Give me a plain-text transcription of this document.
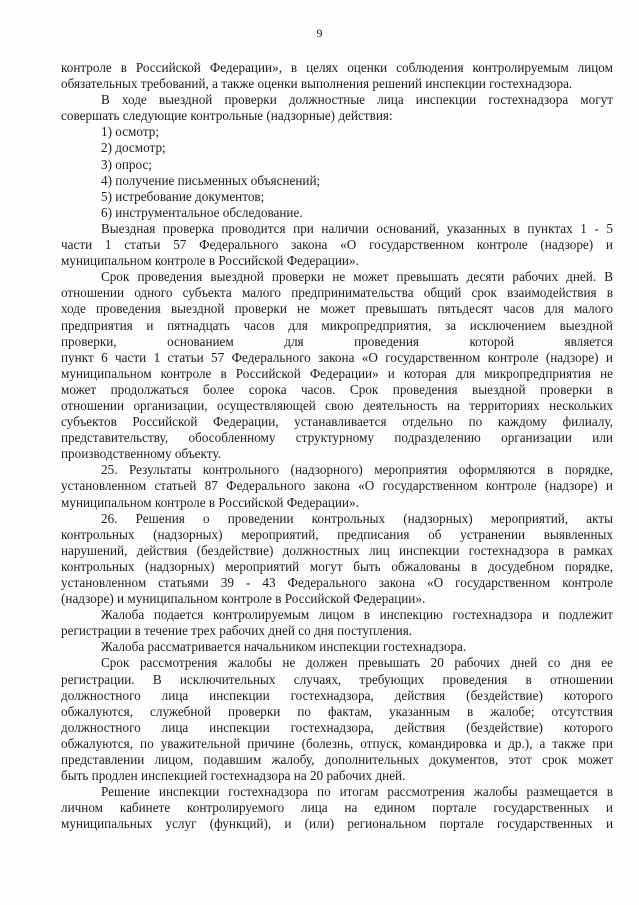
9
контроле в Российской Федерации», в целях оценки соблюдения контролируемым лицом
обязательных требований, а также оценки выполнения решений инспекции гостехнадзора.
В ходе выездной проверки должностные лица инспекции гостехнадзора могут
совершать следующие контрольные (надзорные) действия:
1) осмотр;
2) досмотр;
3) опрос;
4) получение письменных объяснений;
5) истребование документов;
6) инструментальное обследование.
Выездная проверка проводится при наличии оснований, указанных в пунктах 1 - 5
части 1 статьи 57 Федерального закона «О государственном контроле (надзоре) и
муниципальном контроле в Российской Федерации».
Срок проведения выездной проверки не может превышать десяти рабочих дней. В
отношении одного субъекта малого предпринимательства общий срок взаимодействия в
ходе проведения выездной проверки не может превышать пятьдесят часов для малого
предприятия и пятнадцать часов для микропредприятия, за исключением выездной
проверки, основанием для проведения которой является
пункт 6 части 1 статьи 57 Федерального закона «О государственном контроле (надзоре) и
муниципальном контроле в Российской Федерации» и которая для микропредприятия не
может продолжаться более сорока часов. Срок проведения выездной проверки в
отношении организации, осуществляющей свою деятельность на территориях нескольких
субъектов Российской Федерации, устанавливается отдельно по каждому филиалу,
представительству, обособленному структурному подразделению организации или
производственному объекту.
25. Результаты контрольного (надзорного) мероприятия оформляются в порядке,
установленном статьей 87 Федерального закона «О государственном контроле (надзоре) и
муниципальном контроле в Российской Федерации».
26. Решения о проведении контрольных (надзорных) мероприятий, акты
контрольных (надзорных) мероприятий, предписания об устранении выявленных
нарушений, действия (бездействие) должностных лиц инспекции гостехнадзора в рамках
контрольных (надзорных) мероприятий могут быть обжалованы в досудебном порядке,
установленном статьями 39 - 43 Федерального закона «О государственном контроле
(надзоре) и муниципальном контроле в Российской Федерации».
Жалоба подается контролируемым лицом в инспекцию гостехнадзора и подлежит
регистрации в течение трех рабочих дней со дня поступления.
Жалоба рассматривается начальником инспекции гостехнадзора.
Срок рассмотрения жалобы не должен превышать 20 рабочих дней со дня ее
регистрации. В исключительных случаях, требующих проведения в отношении
должностного лица инспекции гостехнадзора, действия (бездействие) которого
обжалуются, служебной проверки по фактам, указанным в жалобе; отсутствия
должностного лица инспекции гостехнадзора, действия (бездействие) которого
обжалуются, по уважительной причине (болезнь, отпуск, командировка и др.), а также при
представлении лицом, подавшим жалобу, дополнительных документов, этот срок может
быть продлен инспекцией гостехнадзора на 20 рабочих дней.
Решение инспекции гостехнадзора по итогам рассмотрения жалобы размещается в
личном кабинете контролируемого лица на едином портале государственных и
муниципальных услуг (функций), и (или) региональном портале государственных и
